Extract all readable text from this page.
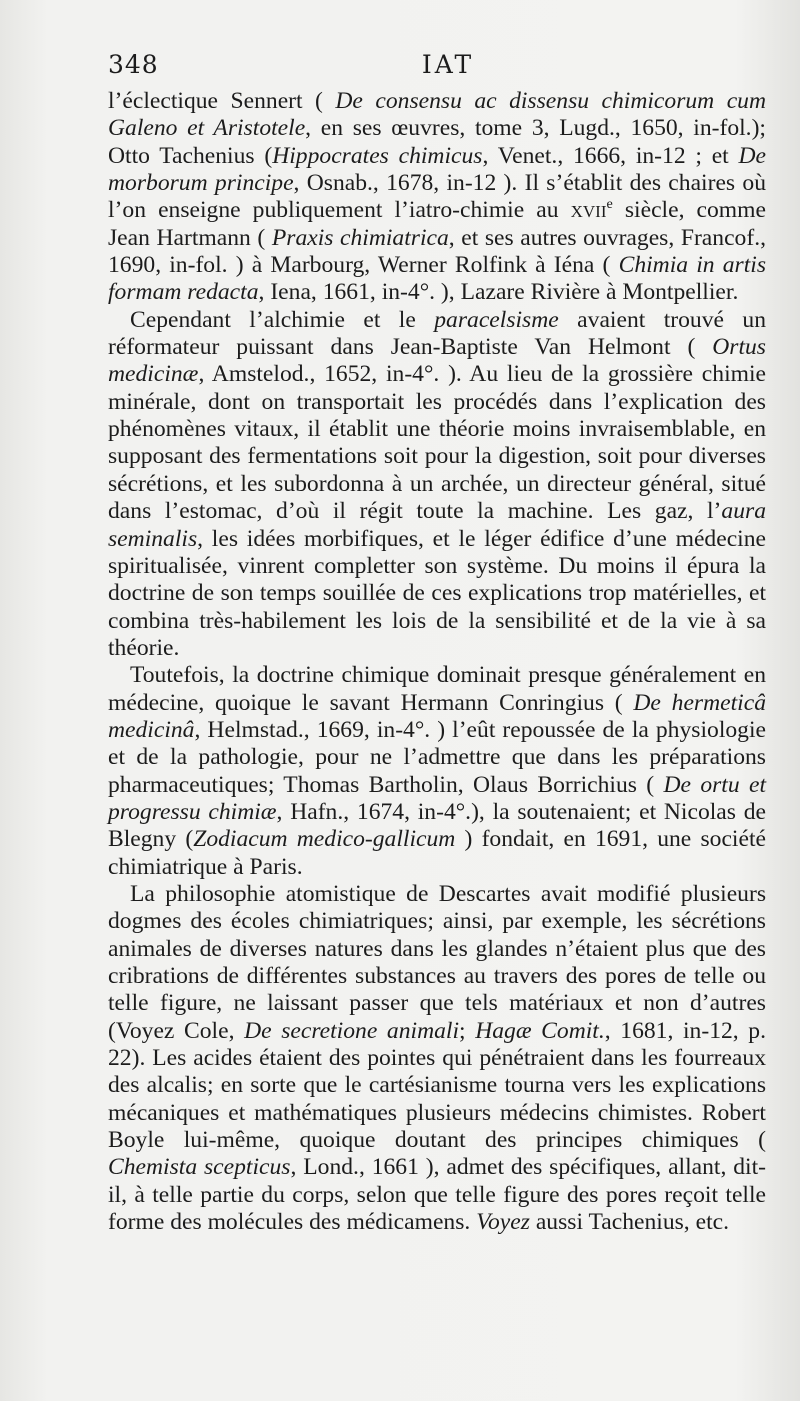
348	IAT

l’éclectique Sennert ( De consensu ac dissensu chimicorum cum Galeno et Aristotele, en ses œuvres, tome 3, Lugd., 1650, in-fol.); Otto Tachenius (Hippocrates chimicus, Venet., 1666, in-12 ; et De morborum principe, Osnab., 1678, in-12 ). Il s’établit des chaires où l’on enseigne publiquement l’iatro-chimie au xvii$^e$ siècle, comme Jean Hartmann ( Praxis chimiatrica, et ses autres ouvrages, Francof., 1690, in-fol. ) à Marbourg, Werner Rolfink à Iéna ( Chimia in artis formam redacta, Iena, 1661, in-4°. ), Lazare Rivière à Montpellier.

Cependant l’alchimie et le paracelsisme avaient trouvé un réformateur puissant dans Jean-Baptiste Van Helmont ( Ortus medicinæ, Amstelod., 1652, in-4°. ). Au lieu de la grossière chimie minérale, dont on transportait les procédés dans l’explication des phénomènes vitaux, il établit une théorie moins invraisemblable, en supposant des fermentations soit pour la digestion, soit pour diverses sécrétions, et les subordonna à un archée, un directeur général, situé dans l’estomac, d’où il régit toute la machine. Les gaz, l’aura seminalis, les idées morbifiques, et le léger édifice d’une médecine spiritualisée, vinrent completter son système. Du moins il épura la doctrine de son temps souillée de ces explications trop matérielles, et combina très-habilement les lois de la sensibilité et de la vie à sa théorie.

Toutefois, la doctrine chimique dominait presque généralement en médecine, quoique le savant Hermann Conringius ( De hermeticâ medicinâ, Helmstad., 1669, in-4°. ) l’eût repoussée de la physiologie et de la pathologie, pour ne l’admettre que dans les préparations pharmaceutiques; Thomas Bartholin, Olaus Borrichius ( De ortu et progressu chimiæ, Hafn., 1674, in-4°.), la soutenaient; et Nicolas de Blegny (Zodiacum medico-gallicum ) fondait, en 1691, une société chimiatrique à Paris.

La philosophie atomistique de Descartes avait modifié plusieurs dogmes des écoles chimiatriques; ainsi, par exemple, les sécrétions animales de diverses natures dans les glandes n’étaient plus que des cribrations de différentes substances au travers des pores de telle ou telle figure, ne laissant passer que tels matériaux et non d’autres (Voyez Cole, De secretione animali; Hagæ Comit., 1681, in-12, p. 22). Les acides étaient des pointes qui pénétraient dans les fourreaux des alcalis; en sorte que le cartésianisme tourna vers les explications mécaniques et mathématiques plusieurs médecins chimistes. Robert Boyle lui-même, quoique doutant des principes chimiques ( Chemista scepticus, Lond., 1661 ), admet des spécifiques, allant, dit-il, à telle partie du corps, selon que telle figure des pores reçoit telle forme des molécules des médicamens. Voyez aussi Tachenius, etc.
